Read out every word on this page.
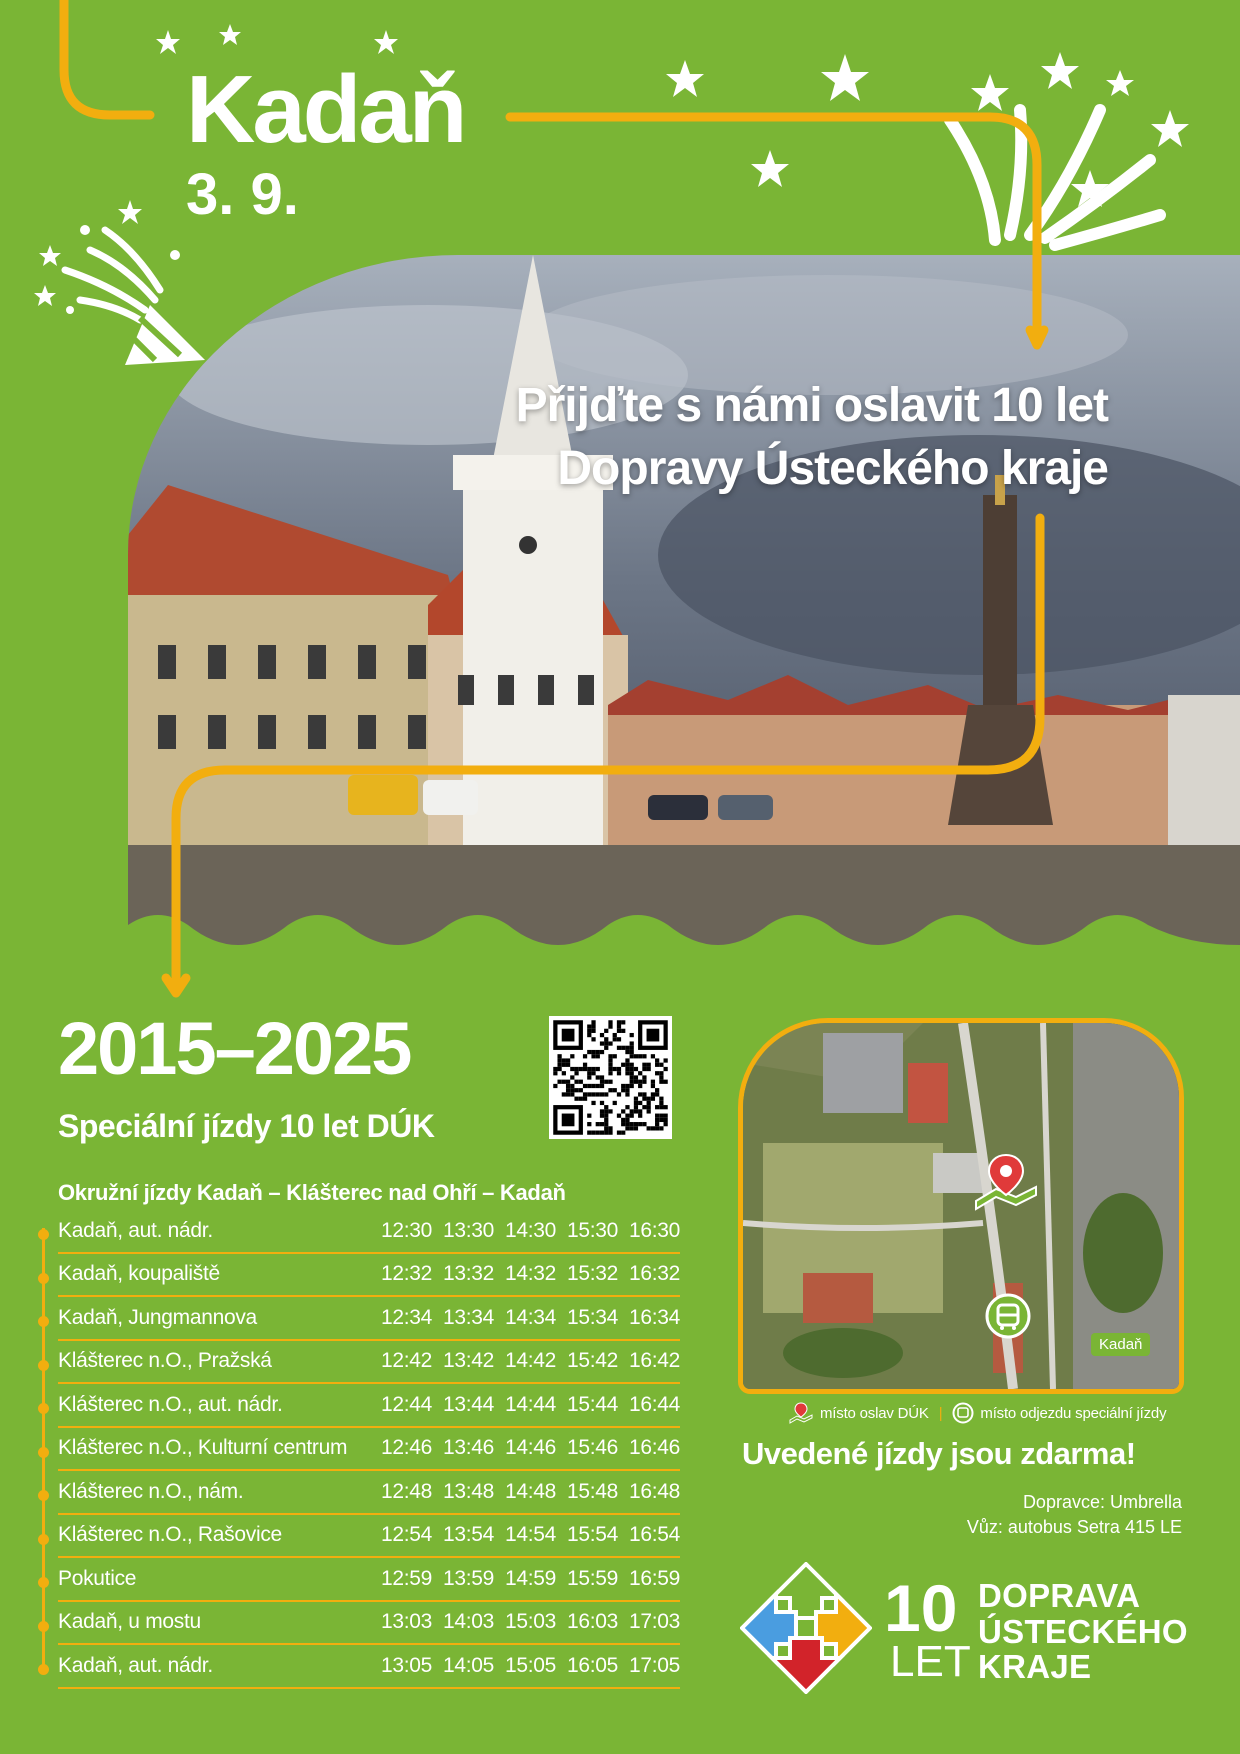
Kadaň
3. 9.
Přijďte s námi oslavit 10 let
Dopravy Ústeckého kraje
2015–2025
Speciální jízdy 10 let DÚK
Okružní jízdy Kadaň – Klášterec nad Ohří – Kadaň
Kadaň, aut. nádr.	12:30	13:30	14:30	15:30	16:30
Kadaň, koupaliště	12:32	13:32	14:32	15:32	16:32
Kadaň, Jungmannova	12:34	13:34	14:34	15:34	16:34
Klášterec n.O., Pražská	12:42	13:42	14:42	15:42	16:42
Klášterec n.O., aut. nádr.	12:44	13:44	14:44	15:44	16:44
Klášterec n.O., Kulturní centrum	12:46	13:46	14:46	15:46	16:46
Klášterec n.O., nám.	12:48	13:48	14:48	15:48	16:48
Klášterec n.O., Rašovice	12:54	13:54	14:54	15:54	16:54
Pokutice	12:59	13:59	14:59	15:59	16:59
Kadaň, u mostu	13:03	14:03	15:03	16:03	17:03
Kadaň, aut. nádr.	13:05	14:05	15:05	16:05	17:05
Kadaň
místo oslav DÚK |	místo odjezdu speciální jízdy
Uvedené jízdy jsou zdarma!
Dopravce: Umbrella
Vůz: autobus Setra 415 LE
10
LET
DOPRAVA
ÚSTECKÉHO
KRAJE
